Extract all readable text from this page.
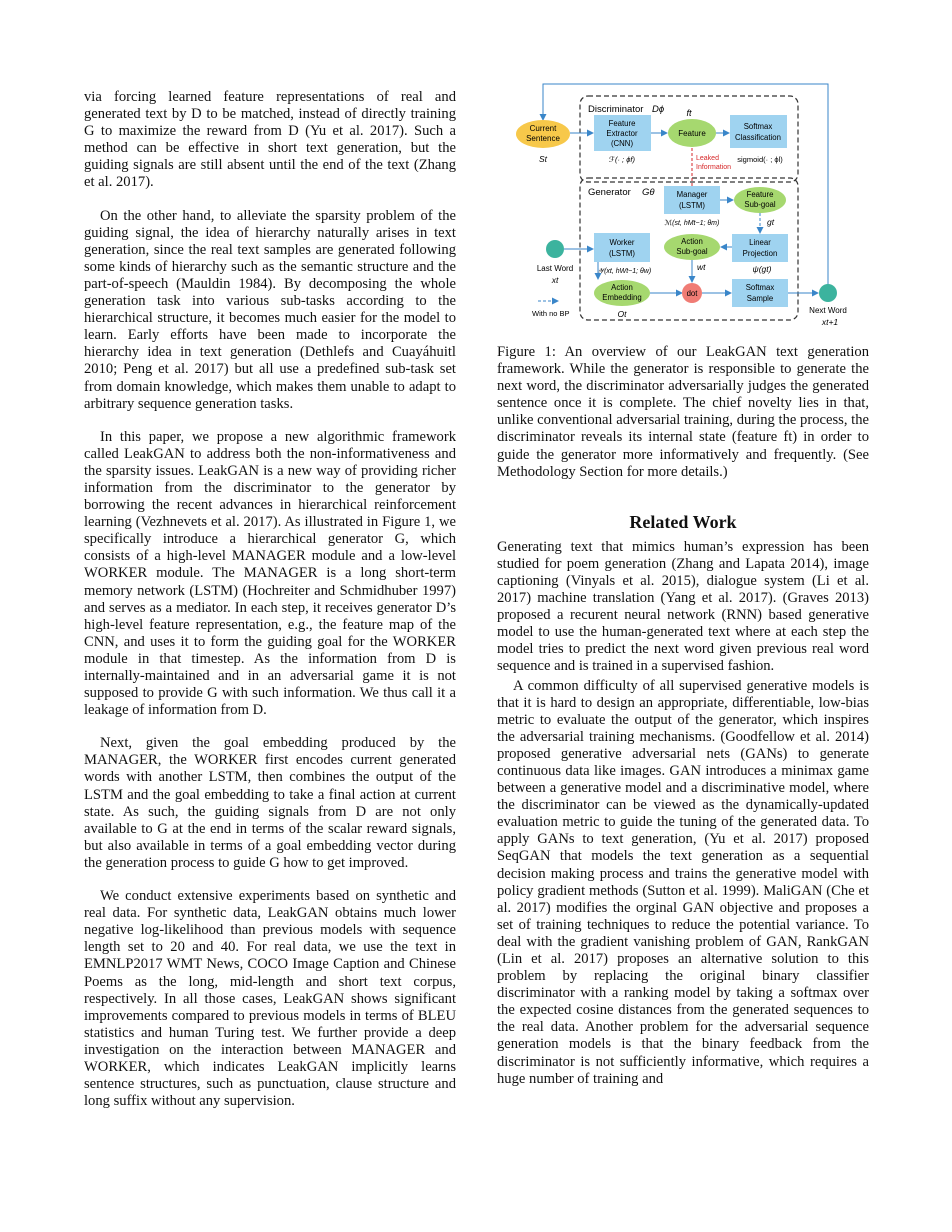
via forcing learned feature representations of real and generated text by D to be matched, instead of directly training G to maximize the reward from D (Yu et al. 2017). Such a method can be effective in short text generation, but the guiding signals are still absent until the end of the text (Zhang et al. 2017).

On the other hand, to alleviate the sparsity problem of the guiding signal, the idea of hierarchy naturally arises in text generation, since the real text samples are generated following some kinds of hierarchy such as the semantic structure and the part-of-speech (Mauldin 1984). By decomposing the whole generation task into various sub-tasks according to the hierarchical structure, it becomes much easier for the model to learn. Early efforts have been made to incorporate the hierarchy idea in text generation (Dethlefs and Cuayáhuitl 2010; Peng et al. 2017) but all use a predefined sub-task set from domain knowledge, which makes them unable to adapt to arbitrary sequence generation tasks.

In this paper, we propose a new algorithmic framework called LeakGAN to address both the non-informativeness and the sparsity issues. LeakGAN is a new way of providing richer information from the discriminator to the generator by borrowing the recent advances in hierarchical reinforcement learning (Vezhnevets et al. 2017). As illustrated in Figure 1, we specifically introduce a hierarchical generator G, which consists of a high-level MANAGER module and a low-level WORKER module. The MANAGER is a long short-term memory network (LSTM) (Hochreiter and Schmidhuber 1997) and serves as a mediator. In each step, it receives generator D’s high-level feature representation, e.g., the feature map of the CNN, and uses it to form the guiding goal for the WORKER module in that timestep. As the information from D is internally-maintained and in an adversarial game it is not supposed to provide G with such information. We thus call it a leakage of information from D.

Next, given the goal embedding produced by the MANAGER, the WORKER first encodes current generated words with another LSTM, then combines the output of the LSTM and the goal embedding to take a final action at current state. As such, the guiding signals from D are not only available to G at the end in terms of the scalar reward signals, but also available in terms of a goal embedding vector during the generation process to guide G how to get improved.

We conduct extensive experiments based on synthetic and real data. For synthetic data, LeakGAN obtains much lower negative log-likelihood than previous models with sequence length set to 20 and 40. For real data, we use the text in EMNLP2017 WMT News, COCO Image Caption and Chinese Poems as the long, mid-length and short text corpus, respectively. In all those cases, LeakGAN shows significant improvements compared to previous models in terms of BLEU statistics and human Turing test. We further provide a deep investigation on the interaction between MANAGER and WORKER, which indicates LeakGAN implicitly learns sentence structures, such as punctuation, clause structure and long suffix without any supervision.

Discriminator Dϕ
Generator Gθ
Current
Sentence
St
Feature
Extractor
(CNN)
ℱ(· ; ϕf)
Feature
ft
Softmax
Classification
sigmoid(· ; ϕl)
Leaked
Information
Manager
(LSTM)
ℳ(st, hMt−1; θm)
Feature
Sub-goal
gt
Worker
(LSTM)
𝒲(xt, hWt−1; θw)
Action
Sub-goal
wt
Linear
Projection
ψ(gt)
Last Word
xt
Action
Embedding
Ot
dot
Softmax
Sample
Next Word
xt+1
With no BP

Figure 1: An overview of our LeakGAN text generation framework. While the generator is responsible to generate the next word, the discriminator adversarially judges the generated sentence once it is complete. The chief novelty lies in that, unlike conventional adversarial training, during the process, the discriminator reveals its internal state (feature ft) in order to guide the generator more informatively and frequently. (See Methodology Section for more details.)

Related Work

Generating text that mimics human’s expression has been studied for poem generation (Zhang and Lapata 2014), image captioning (Vinyals et al. 2015), dialogue system (Li et al. 2017) machine translation (Yang et al. 2017). (Graves 2013) proposed a recurent neural network (RNN) based generative model to use the human-generated text where at each step the model tries to predict the next word given previous real word sequence and is trained in a supervised fashion.

A common difficulty of all supervised generative models is that it is hard to design an appropriate, differentiable, low-bias metric to evaluate the output of the generator, which inspires the adversarial training mechanisms. (Goodfellow et al. 2014) proposed generative adversarial nets (GANs) to generate continuous data like images. GAN introduces a minimax game between a generative model and a discriminative model, where the discriminator can be viewed as the dynamically-updated evaluation metric to guide the tuning of the generated data. To apply GANs to text generation, (Yu et al. 2017) proposed SeqGAN that models the text generation as a sequential decision making process and trains the generative model with policy gradient methods (Sutton et al. 1999). MaliGAN (Che et al. 2017) modifies the orginal GAN objective and proposes a set of training techniques to reduce the potential variance. To deal with the gradient vanishing problem of GAN, RankGAN (Lin et al. 2017) proposes an alternative solution to this problem by replacing the original binary classifier discriminator with a ranking model by taking a softmax over the expected cosine distances from the generated sequences to the real data. Another problem for the adversarial sequence generation models is that the binary feedback from the discriminator is not sufficiently informative, which requires a huge number of training and
